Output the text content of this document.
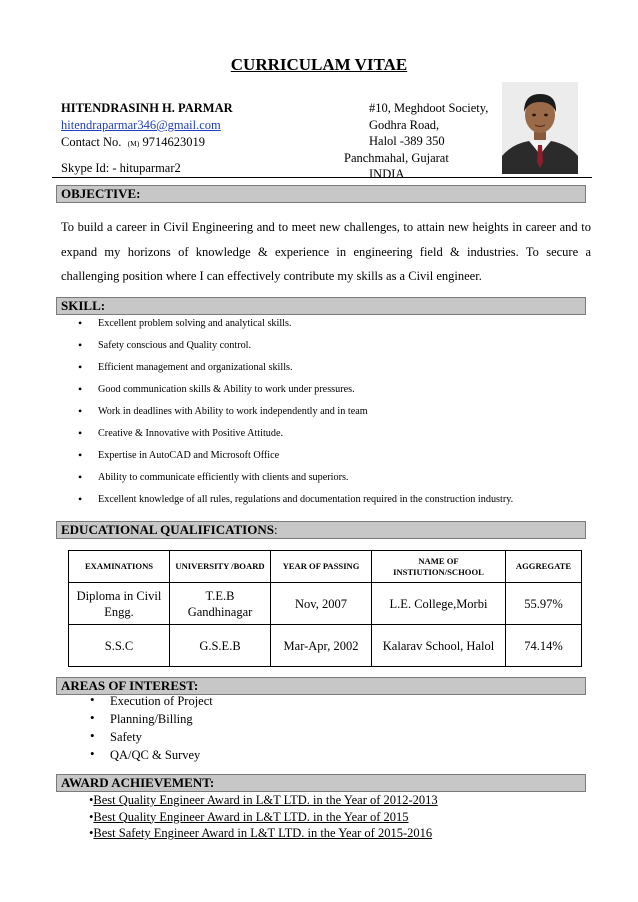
CURRICULAM VITAE
HITENDRASINH H. PARMAR
hitendraparmar346@gmail.com
Contact No. (M) 9714623019
Skype Id: - hituparmar2
#10, Meghdoot Society,
Godhra Road,
Halol -389 350
Panchmahal, Gujarat
INDIA
OBJECTIVE:
To build a career in Civil Engineering and to meet new challenges, to attain new heights in career and to expand my horizons of knowledge & experience in engineering field & industries. To secure a challenging position where I can effectively contribute my skills as a Civil engineer.
SKILL:
• Excellent problem solving and analytical skills.
• Safety conscious and Quality control.
• Efficient management and organizational skills.
• Good communication skills & Ability to work under pressures.
• Work in deadlines with Ability to work independently and in team
• Creative & Innovative with Positive Attitude.
• Expertise in AutoCAD and Microsoft Office
• Ability to communicate efficiently with clients and superiors.
• Excellent knowledge of all rules, regulations and documentation required in the construction industry.
EDUCATIONAL QUALIFICATIONS:
EXAMINATIONS	UNIVERSITY /BOARD	YEAR OF PASSING	NAME OF INSTIUTION/SCHOOL	AGGREGATE
Diploma in Civil Engg.	T.E.B Gandhinagar	Nov, 2007	L.E. College,Morbi	55.97%
S.S.C	G.S.E.B	Mar-Apr, 2002	Kalarav School, Halol	74.14%
AREAS OF INTEREST:
• Execution of Project
• Planning/Billing
• Safety
• QA/QC & Survey
AWARD ACHIEVEMENT:
•Best Quality Engineer Award in L&T LTD. in the Year of 2012-2013
•Best Quality Engineer Award in L&T LTD. in the Year of 2015
•Best Safety Engineer Award in L&T LTD. in the Year of 2015-2016
